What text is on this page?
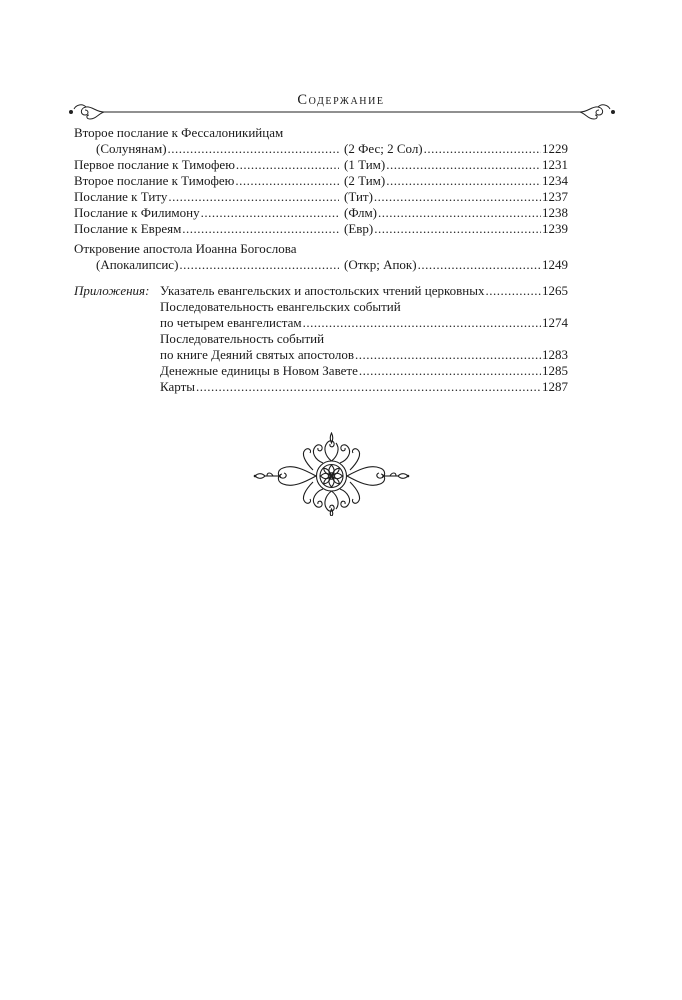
Содержание
Второе послание к Фессалоникийцам
(Солунянам) .....	(2 Фес; 2 Сол) .....	1229
Первое послание к Тимофею .....	(1 Тим) .....	1231
Второе послание к Тимофею .....	(2 Тим) .....	1234
Послание к Титу .....	(Тит) .....	1237
Послание к Филимону .....	(Флм) .....	1238
Послание к Евреям .....	(Евр) .....	1239
Откровение апостола Иоанна Богослова
(Апокалипсис) .....	(Откр; Апок) .....	1249
Приложения: Указатель евангельских и апостольских чтений церковных .....	1265
Последовательность евангельских событий
по четырем евангелистам .....	1274
Последовательность событий
по книге Деяний святых апостолов .....	1283
Денежные единицы в Новом Завете .....	1285
Карты .....	1287
